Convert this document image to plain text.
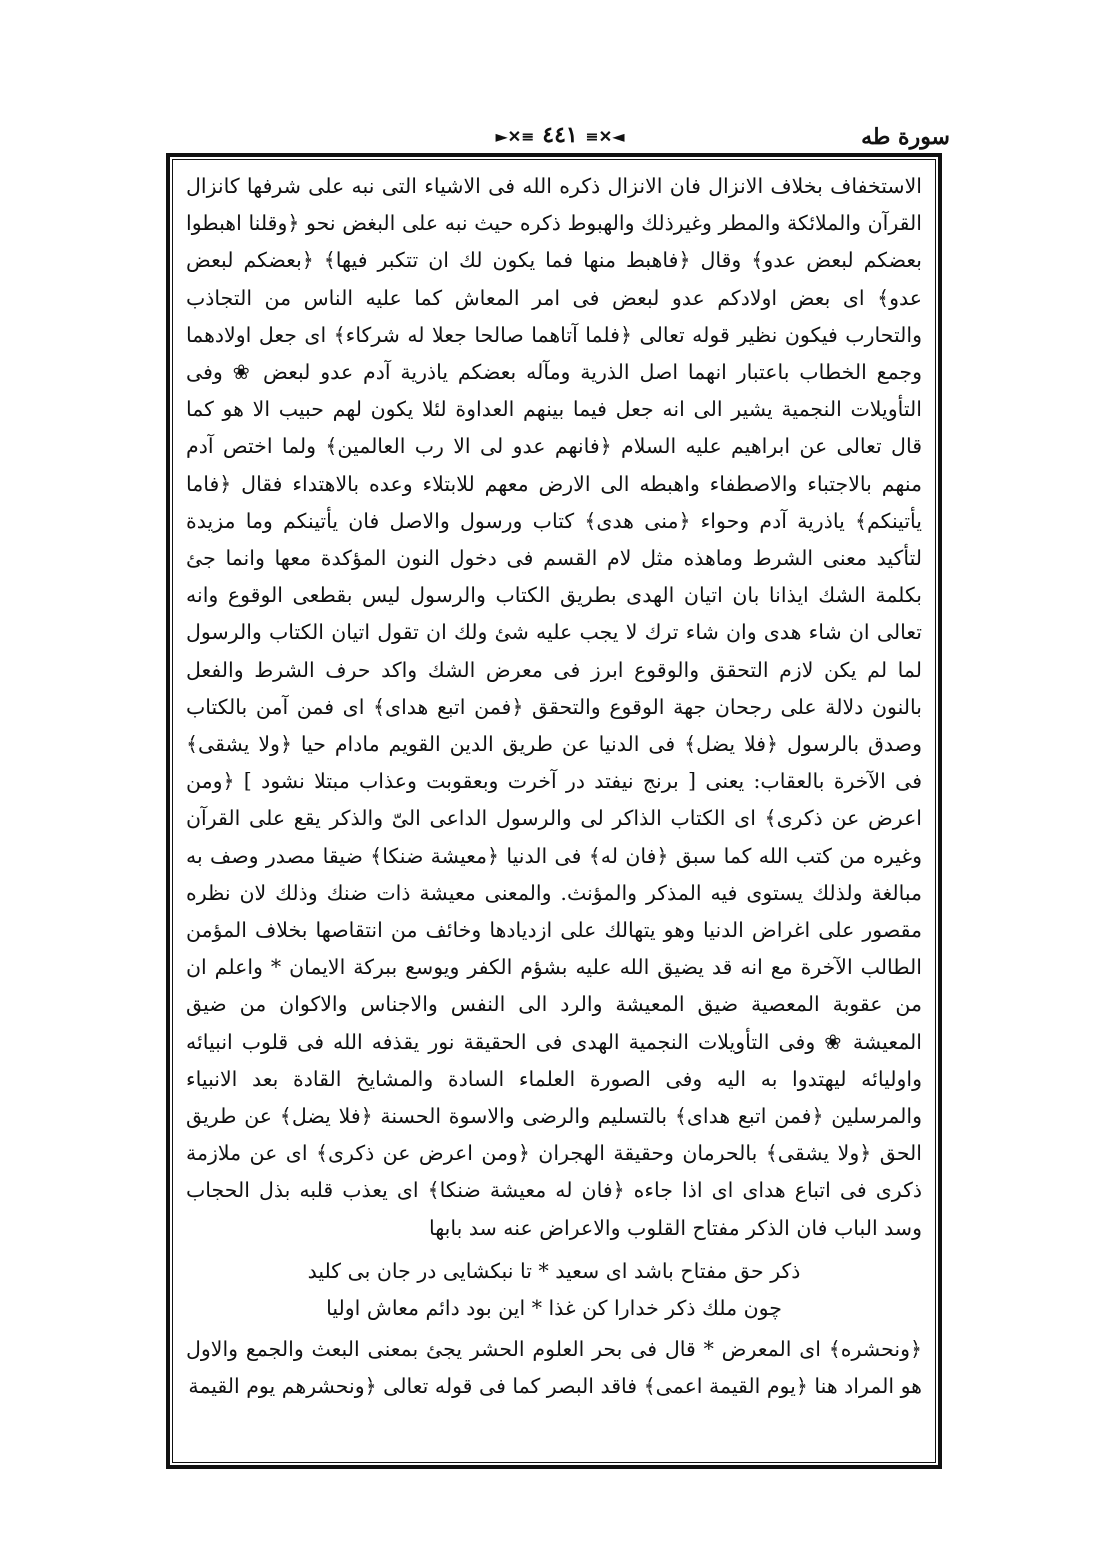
سورة طه
◄✕≡ ٤٤١ ≡✕►

الاستخفاف بخلاف الانزال فان الانزال ذكره الله فى الاشياء التى نبه على شرفها كانزال القرآن والملائكة والمطر وغيرذلك والهبوط ذكره حيث نبه على البغض نحو ﴿وقلنا اهبطوا بعضكم لبعض عدو﴾ وقال ﴿فاهبط منها فما يكون لك ان تتكبر فيها﴾ ﴿بعضكم لبعض عدو﴾ اى بعض اولادكم عدو لبعض فى امر المعاش كما عليه الناس من التجاذب والتحارب فيكون نظير قوله تعالى ﴿فلما آتاهما صالحا جعلا له شركاء﴾ اى جعل اولادهما وجمع الخطاب باعتبار انهما اصل الذرية ومآله بعضكم ياذرية آدم عدو لبعض ❀ وفى التأويلات النجمية يشير الى انه جعل فيما بينهم العداوة لئلا يكون لهم حبيب الا هو كما قال تعالى عن ابراهيم عليه السلام ﴿فانهم عدو لى الا رب العالمين﴾ ولما اختص آدم منهم بالاجتباء والاصطفاء واهبطه الى الارض معهم للابتلاء وعده بالاهتداء فقال ﴿فاما يأتينكم﴾ ياذرية آدم وحواء ﴿منى هدى﴾ كتاب ورسول والاصل فان يأتينكم وما مزيدة لتأكيد معنى الشرط وماهذه مثل لام القسم فى دخول النون المؤكدة معها وانما جئ بكلمة الشك ايذانا بان اتيان الهدى بطريق الكتاب والرسول ليس بقطعى الوقوع وانه تعالى ان شاء هدى وان شاء ترك لا يجب عليه شئ ولك ان تقول اتيان الكتاب والرسول لما لم يكن لازم التحقق والوقوع ابرز فى معرض الشك واكد حرف الشرط والفعل بالنون دلالة على رجحان جهة الوقوع والتحقق ﴿فمن اتبع هداى﴾ اى فمن آمن بالكتاب وصدق بالرسول ﴿فلا يضل﴾ فى الدنيا عن طريق الدين القويم مادام حيا ﴿ولا يشقى﴾ فى الآخرة بالعقاب: يعنى [ برنج نيفتد در آخرت وبعقوبت وعذاب مبتلا نشود ] ﴿ومن اعرض عن ذكرى﴾ اى الكتاب الذاكر لى والرسول الداعى الىّ والذكر يقع على القرآن وغيره من كتب الله كما سبق ﴿فان له﴾ فى الدنيا ﴿معيشة ضنكا﴾ ضيقا مصدر وصف به مبالغة ولذلك يستوى فيه المذكر والمؤنث. والمعنى معيشة ذات ضنك وذلك لان نظره مقصور على اغراض الدنيا وهو يتهالك على ازديادها وخائف من انتقاصها بخلاف المؤمن الطالب الآخرة مع انه قد يضيق الله عليه بشؤم الكفر ويوسع ببركة الايمان * واعلم ان من عقوبة المعصية ضيق المعيشة والرد الى النفس والاجناس والاكوان من ضيق المعيشة ❀ وفى التأويلات النجمية الهدى فى الحقيقة نور يقذفه الله فى قلوب انبيائه واوليائه ليهتدوا به اليه وفى الصورة العلماء السادة والمشايخ القادة بعد الانبياء والمرسلين ﴿فمن اتبع هداى﴾ بالتسليم والرضى والاسوة الحسنة ﴿فلا يضل﴾ عن طريق الحق ﴿ولا يشقى﴾ بالحرمان وحقيقة الهجران ﴿ومن اعرض عن ذكرى﴾ اى عن ملازمة ذكرى فى اتباع هداى اى اذا جاءه ﴿فان له معيشة ضنكا﴾ اى يعذب قلبه بذل الحجاب وسد الباب فان الذكر مفتاح القلوب والاعراض عنه سد بابها

ذكر حق مفتاح باشد اى سعيد * تا نبكشايى در جان بى كليد
چون ملك ذكر خدارا كن غذا * اين بود دائم معاش اوليا

﴿ونحشره﴾ اى المعرض * قال فى بحر العلوم الحشر يجئ بمعنى البعث والجمع والاول هو المراد هنا ﴿يوم القيمة اعمى﴾ فاقد البصر كما فى قوله تعالى ﴿ونحشرهم يوم القيمة
